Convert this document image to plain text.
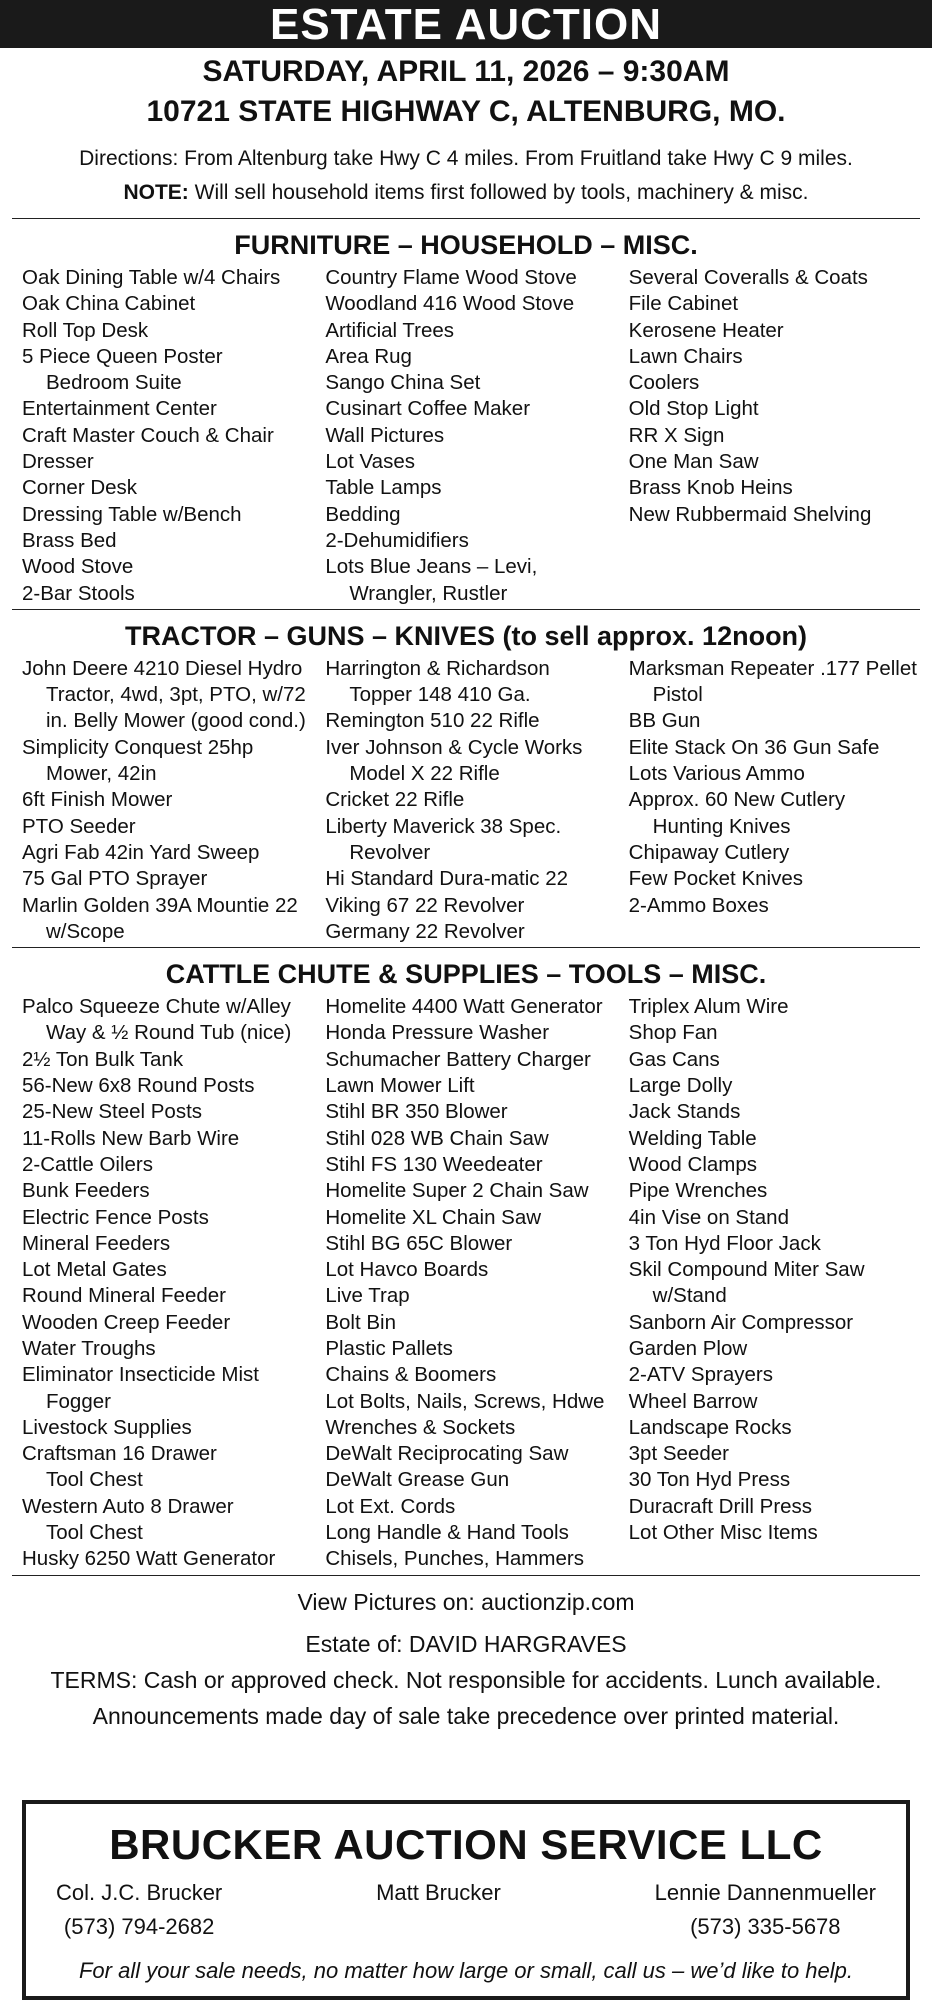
ESTATE AUCTION
SATURDAY, APRIL 11, 2026 – 9:30AM
10721 STATE HIGHWAY C, ALTENBURG, MO.
Directions: From Altenburg take Hwy C 4 miles. From Fruitland take Hwy C 9 miles.
NOTE: Will sell household items first followed by tools, machinery & misc.
FURNITURE – HOUSEHOLD – MISC.
Oak Dining Table w/4 Chairs
Oak China Cabinet
Roll Top Desk
5 Piece Queen Poster
Bedroom Suite
Entertainment Center
Craft Master Couch & Chair
Dresser
Corner Desk
Dressing Table w/Bench
Brass Bed
Wood Stove
2-Bar Stools
Country Flame Wood Stove
Woodland 416 Wood Stove
Artificial Trees
Area Rug
Sango China Set
Cusinart Coffee Maker
Wall Pictures
Lot Vases
Table Lamps
Bedding
2-Dehumidifiers
Lots Blue Jeans – Levi,
Wrangler, Rustler
Several Coveralls & Coats
File Cabinet
Kerosene Heater
Lawn Chairs
Coolers
Old Stop Light
RR X Sign
One Man Saw
Brass Knob Heins
New Rubbermaid Shelving
TRACTOR – GUNS – KNIVES (to sell approx. 12noon)
John Deere 4210 Diesel Hydro
Tractor, 4wd, 3pt, PTO, w/72
in. Belly Mower (good cond.)
Simplicity Conquest 25hp
Mower, 42in
6ft Finish Mower
PTO Seeder
Agri Fab 42in Yard Sweep
75 Gal PTO Sprayer
Marlin Golden 39A Mountie 22
w/Scope
Harrington & Richardson
Topper 148 410 Ga.
Remington 510 22 Rifle
Iver Johnson & Cycle Works
Model X 22 Rifle
Cricket 22 Rifle
Liberty Maverick 38 Spec.
Revolver
Hi Standard Dura-matic 22
Viking 67 22 Revolver
Germany 22 Revolver
Marksman Repeater .177 Pellet
Pistol
BB Gun
Elite Stack On 36 Gun Safe
Lots Various Ammo
Approx. 60 New Cutlery
Hunting Knives
Chipaway Cutlery
Few Pocket Knives
2-Ammo Boxes
CATTLE CHUTE & SUPPLIES – TOOLS – MISC.
Palco Squeeze Chute w/Alley
Way & ½ Round Tub (nice)
2½ Ton Bulk Tank
56-New 6x8 Round Posts
25-New Steel Posts
11-Rolls New Barb Wire
2-Cattle Oilers
Bunk Feeders
Electric Fence Posts
Mineral Feeders
Lot Metal Gates
Round Mineral Feeder
Wooden Creep Feeder
Water Troughs
Eliminator Insecticide Mist
Fogger
Livestock Supplies
Craftsman 16 Drawer
Tool Chest
Western Auto 8 Drawer
Tool Chest
Husky 6250 Watt Generator
Homelite 4400 Watt Generator
Honda Pressure Washer
Schumacher Battery Charger
Lawn Mower Lift
Stihl BR 350 Blower
Stihl 028 WB Chain Saw
Stihl FS 130 Weedeater
Homelite Super 2 Chain Saw
Homelite XL Chain Saw
Stihl BG 65C Blower
Lot Havco Boards
Live Trap
Bolt Bin
Plastic Pallets
Chains & Boomers
Lot Bolts, Nails, Screws, Hdwe
Wrenches & Sockets
DeWalt Reciprocating Saw
DeWalt Grease Gun
Lot Ext. Cords
Long Handle & Hand Tools
Chisels, Punches, Hammers
Triplex Alum Wire
Shop Fan
Gas Cans
Large Dolly
Jack Stands
Welding Table
Wood Clamps
Pipe Wrenches
4in Vise on Stand
3 Ton Hyd Floor Jack
Skil Compound Miter Saw
w/Stand
Sanborn Air Compressor
Garden Plow
2-ATV Sprayers
Wheel Barrow
Landscape Rocks
3pt Seeder
30 Ton Hyd Press
Duracraft Drill Press
Lot Other Misc Items
View Pictures on: auctionzip.com
Estate of: DAVID HARGRAVES
TERMS: Cash or approved check. Not responsible for accidents. Lunch available.
Announcements made day of sale take precedence over printed material.
BRUCKER AUCTION SERVICE LLC
Col. J.C. Brucker
(573) 794-2682
Matt Brucker	Lennie Dannenmueller
(573) 335-5678
For all your sale needs, no matter how large or small, call us – we’d like to help.
